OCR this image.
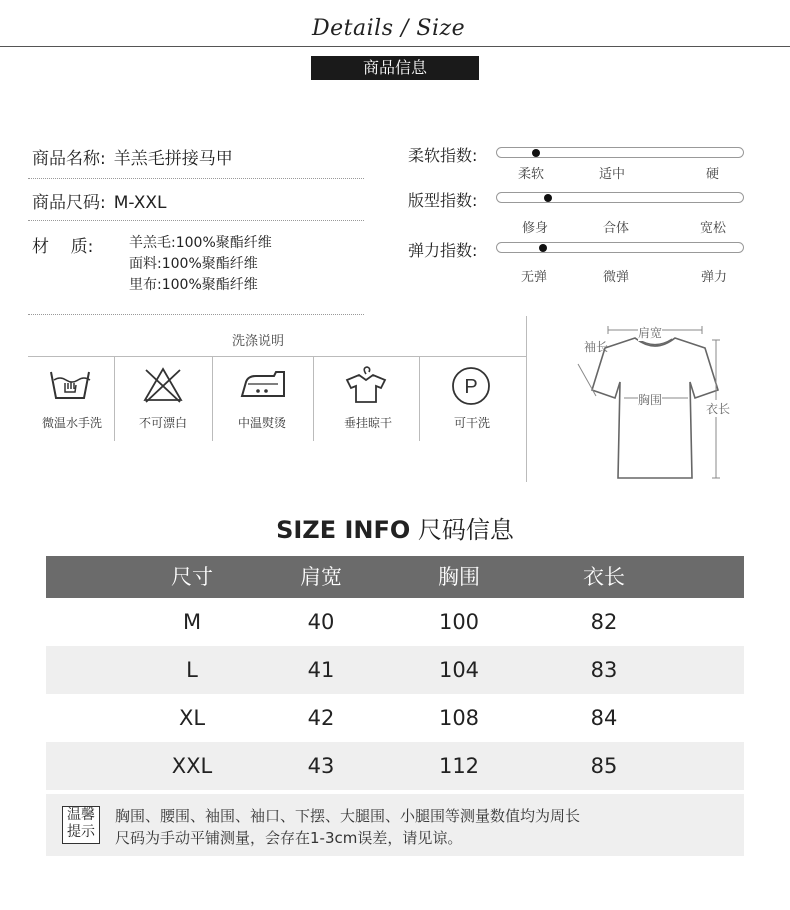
Details / Size
商品信息
商品名称: 羊羔毛拼接马甲
商品尺码: M-XXL
材    质:	羊羔毛:100%聚酯纤维
面料:100%聚酯纤维
里布:100%聚酯纤维
柔软指数:
柔软	适中	硬
版型指数:
修身	合体	宽松
弹力指数:
无弹	微弹	弹力
洗涤说明
P
微温水手洗	不可漂白	中温熨烫	垂挂晾干	可干洗
肩宽
袖长
胸围
衣长
SIZE INFO 尺码信息
尺寸	肩宽	胸围	衣长
M	40	100	82
L	41	104	83
XL	42	108	84
XXL	43	112	85
温馨
提示
胸围、腰围、袖围、袖口、下摆、大腿围、小腿围等测量数值均为周长
尺码为手动平铺测量，会存在1-3cm误差，请见谅。
